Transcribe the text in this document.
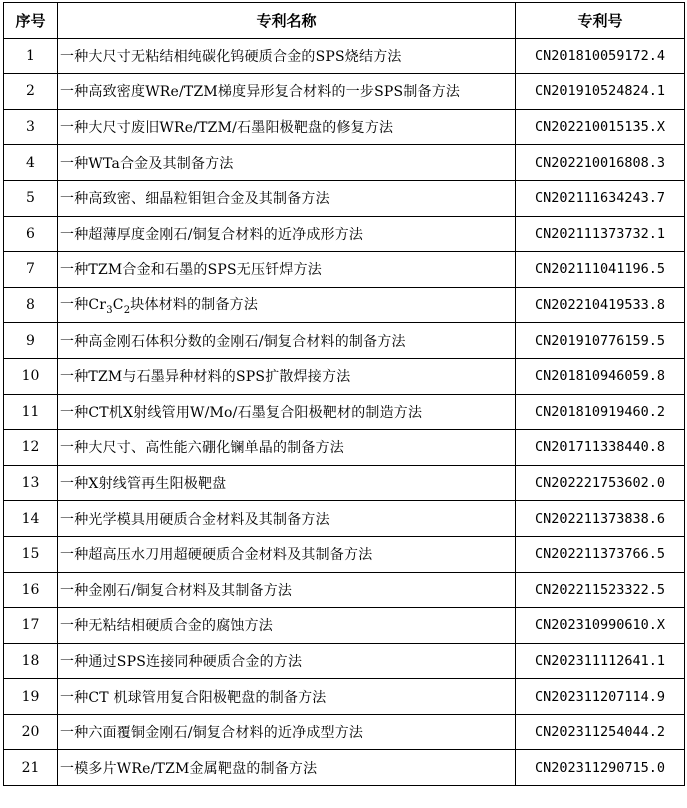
序号	专利名称	专利号
1	一种大尺寸无粘结相纯碳化钨硬质合金的SPS烧结方法	CN201810059172.4
2	一种高致密度WRe/TZM梯度异形复合材料的一步SPS制备方法	CN201910524824.1
3	一种大尺寸废旧WRe/TZM/石墨阳极靶盘的修复方法	CN202210015135.X
4	一种WTa合金及其制备方法	CN202210016808.3
5	一种高致密、细晶粒钼钽合金及其制备方法	CN202111634243.7
6	一种超薄厚度金刚石/铜复合材料的近净成形方法	CN202111373732.1
7	一种TZM合金和石墨的SPS无压钎焊方法	CN202111041196.5
8	一种$Cr_3C_2$块体材料的制备方法	CN202210419533.8
9	一种高金刚石体积分数的金刚石/铜复合材料的制备方法	CN201910776159.5
10	一种TZM与石墨异种材料的SPS扩散焊接方法	CN201810946059.8
11	一种CT机X射线管用W/Mo/石墨复合阳极靶材的制造方法	CN201810919460.2
12	一种大尺寸、高性能六硼化镧单晶的制备方法	CN201711338440.8
13	一种X射线管再生阳极靶盘	CN202221753602.0
14	一种光学模具用硬质合金材料及其制备方法	CN202211373838.6
15	一种超高压水刀用超硬硬质合金材料及其制备方法	CN202211373766.5
16	一种金刚石/铜复合材料及其制备方法	CN202211523322.5
17	一种无粘结相硬质合金的腐蚀方法	CN202310990610.X
18	一种通过SPS连接同种硬质合金的方法	CN202311112641.1
19	一种CT 机球管用复合阳极靶盘的制备方法	CN202311207114.9
20	一种六面覆铜金刚石/铜复合材料的近净成型方法	CN202311254044.2
21	一模多片WRe/TZM金属靶盘的制备方法	CN202311290715.0
